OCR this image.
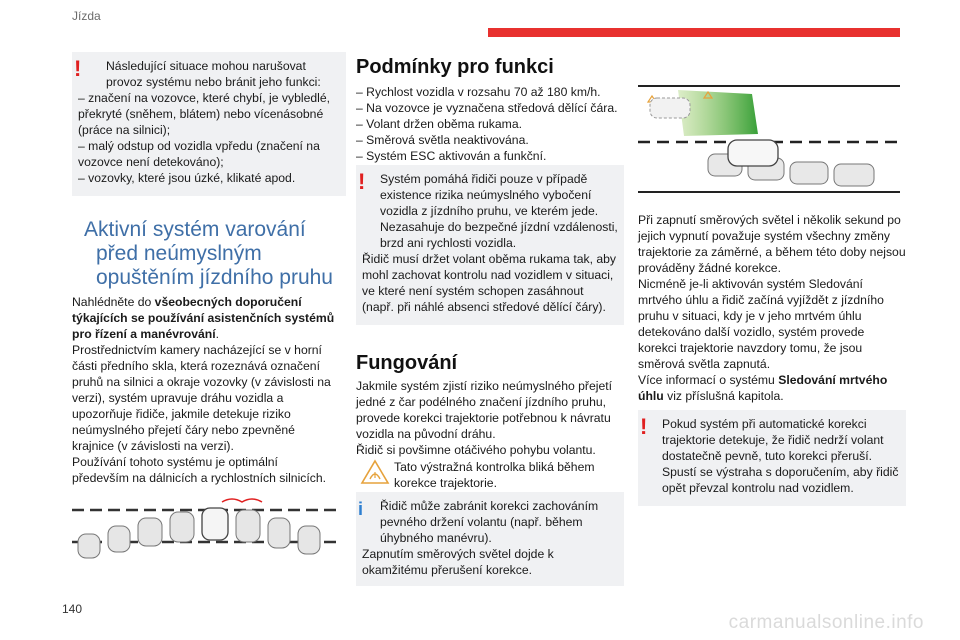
Jízda
!	Následující situace mohou narušovat provoz systému nebo bránit jeho funkci:

– značení na vozovce, které chybí, je vybledlé, překryté (sněhem, blátem) nebo vícenásobné (práce na silnici);

– malý odstup od vozidla vpředu (značení na vozovce není detekováno);

– vozovky, které jsou úzké, klikaté apod.

Aktivní systém varování před neúmyslným opuštěním jízdního pruhu

Nahlédněte do všeobecných doporučení týkajících se používání asistenčních systémů pro řízení a manévrování.

Prostřednictvím kamery nacházející se v horní části předního skla, která rozeznává označení pruhů na silnici a okraje vozovky (v závislosti na verzi), systém upravuje dráhu vozidla a upozorňuje řidiče, jakmile detekuje riziko neúmyslného přejetí čáry nebo zpevněné krajnice (v závislosti na verzi).

Používání tohoto systému je optimální především na dálnicích a rychlostních silnicích.

Podmínky pro funkci

– Rychlost vozidla v rozsahu 70 až 180 km/h.

– Na vozovce je vyznačena středová dělící čára.

– Volant držen oběma rukama.

– Směrová světla neaktivována.

– Systém ESC aktivován a funkční.

! Systém pomáhá řidiči pouze v případě existence rizika neúmyslného vybočení vozidla z jízdního pruhu, ve kterém jede. Nezasahuje do bezpečné jízdní vzdálenosti, brzd ani rychlosti vozidla.

Řidič musí držet volant oběma rukama tak, aby mohl zachovat kontrolu nad vozidlem v situaci, ve které není systém schopen zasáhnout (např. při náhlé absenci středové dělící čáry).

Fungování

Jakmile systém zjistí riziko neúmyslného přejetí jedné z čar podélného značení jízdního pruhu, provede korekci trajektorie potřebnou k návratu vozidla na původní dráhu.

Řidič si povšimne otáčivého pohybu volantu.

Tato výstražná kontrolka bliká během korekce trajektorie.
i Řidič může zabránit korekci zachováním pevného držení volantu (např. během úhybného manévru).

Zapnutím směrových světel dojde k okamžitému přerušení korekce.

Při zapnutí směrových světel i několik sekund po jejich vypnutí považuje systém všechny změny trajektorie za záměrné, a během této doby nejsou prováděny žádné korekce.

Nicméně je-li aktivován systém Sledování mrtvého úhlu a řidič začíná vyjíždět z jízdního pruhu v situaci, kdy je v jeho mrtvém úhlu detekováno další vozidlo, systém provede korekci trajektorie navzdory tomu, že jsou směrová světla zapnutá.

Více informací o systému Sledování mrtvého úhlu viz příslušná kapitola.

! Pokud systém při automatické korekci trajektorie detekuje, že řidič nedrží volant dostatečně pevně, tuto korekci přeruší. Spustí se výstraha s doporučením, aby řidič opět převzal kontrolu nad vozidlem.

140
carmanualsonline.info
